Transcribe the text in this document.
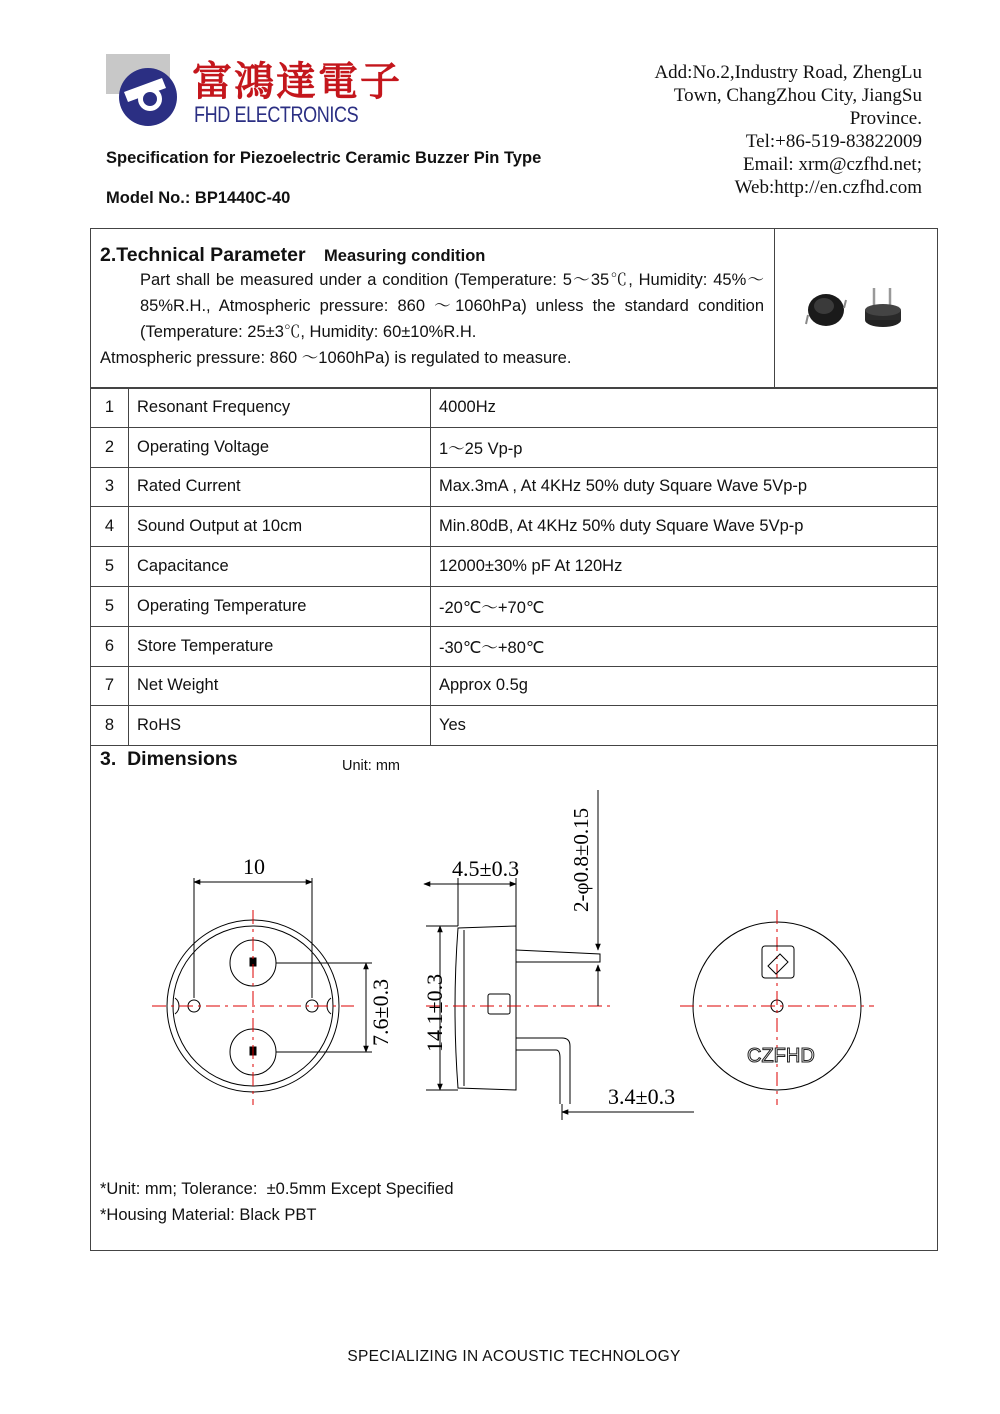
富鴻達電子
FHD ELECTRONICS
Add:No.2,Industry Road, ZhengLu
Town, ChangZhou City, JiangSu
Province.
Tel:+86-519-83822009
Email: xrm@czfhd.net;
Web:http://en.czfhd.com
Specification for Piezoelectric Ceramic Buzzer Pin Type
Model No.: BP1440C-40
2.Technical Parameter Measuring condition
Part shall be measured under a condition (Temperature: 5～35℃, Humidity: 45%～85%R.H., Atmospheric pressure: 860 ～1060hPa) unless the standard condition (Temperature: 25±3℃, Humidity: 60±10%R.H.
Atmospheric pressure: 860 ～1060hPa) is regulated to measure.
1	Resonant Frequency	4000Hz
2	Operating Voltage	1～25 Vp-p
3	Rated Current	Max.3mA , At 4KHz 50% duty Square Wave 5Vp-p
4	Sound Output at 10cm	Min.80dB, At 4KHz 50% duty Square Wave 5Vp-p
5	Capacitance	12000±30% pF At 120Hz
5	Operating Temperature	-20℃～+70℃
6	Store Temperature	-30℃～+80℃
7	Net Weight	Approx 0.5g
8	RoHS	Yes
3.  Dimensions	Unit: mm
10
7.6±0.3
4.5±0.3 2-φ0.8±0.15
14.1±0.3
3.4±0.3
CZFHD
*Unit: mm; Tolerance:  ±0.5mm Except Specified
*Housing Material: Black PBT
SPECIALIZING IN ACOUSTIC TECHNOLOGY
